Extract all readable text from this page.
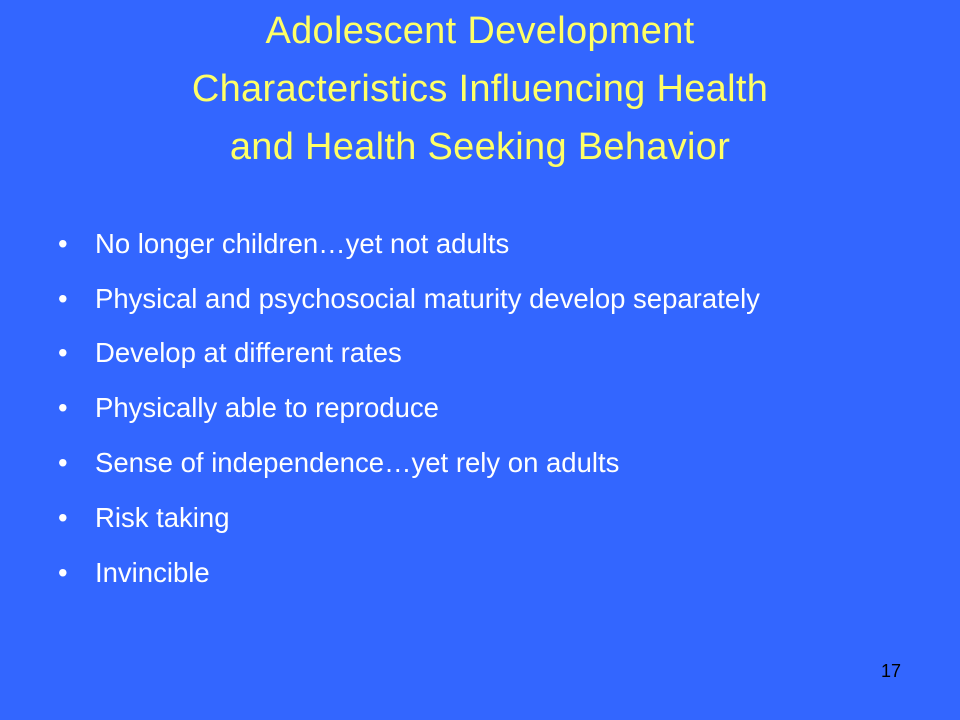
Adolescent Development
Characteristics Influencing Health
and Health Seeking Behavior
• No longer children…yet not adults
• Physical and psychosocial maturity develop separately
• Develop at different rates
• Physically able to reproduce
• Sense of independence…yet rely on adults
• Risk taking
• Invincible
17
